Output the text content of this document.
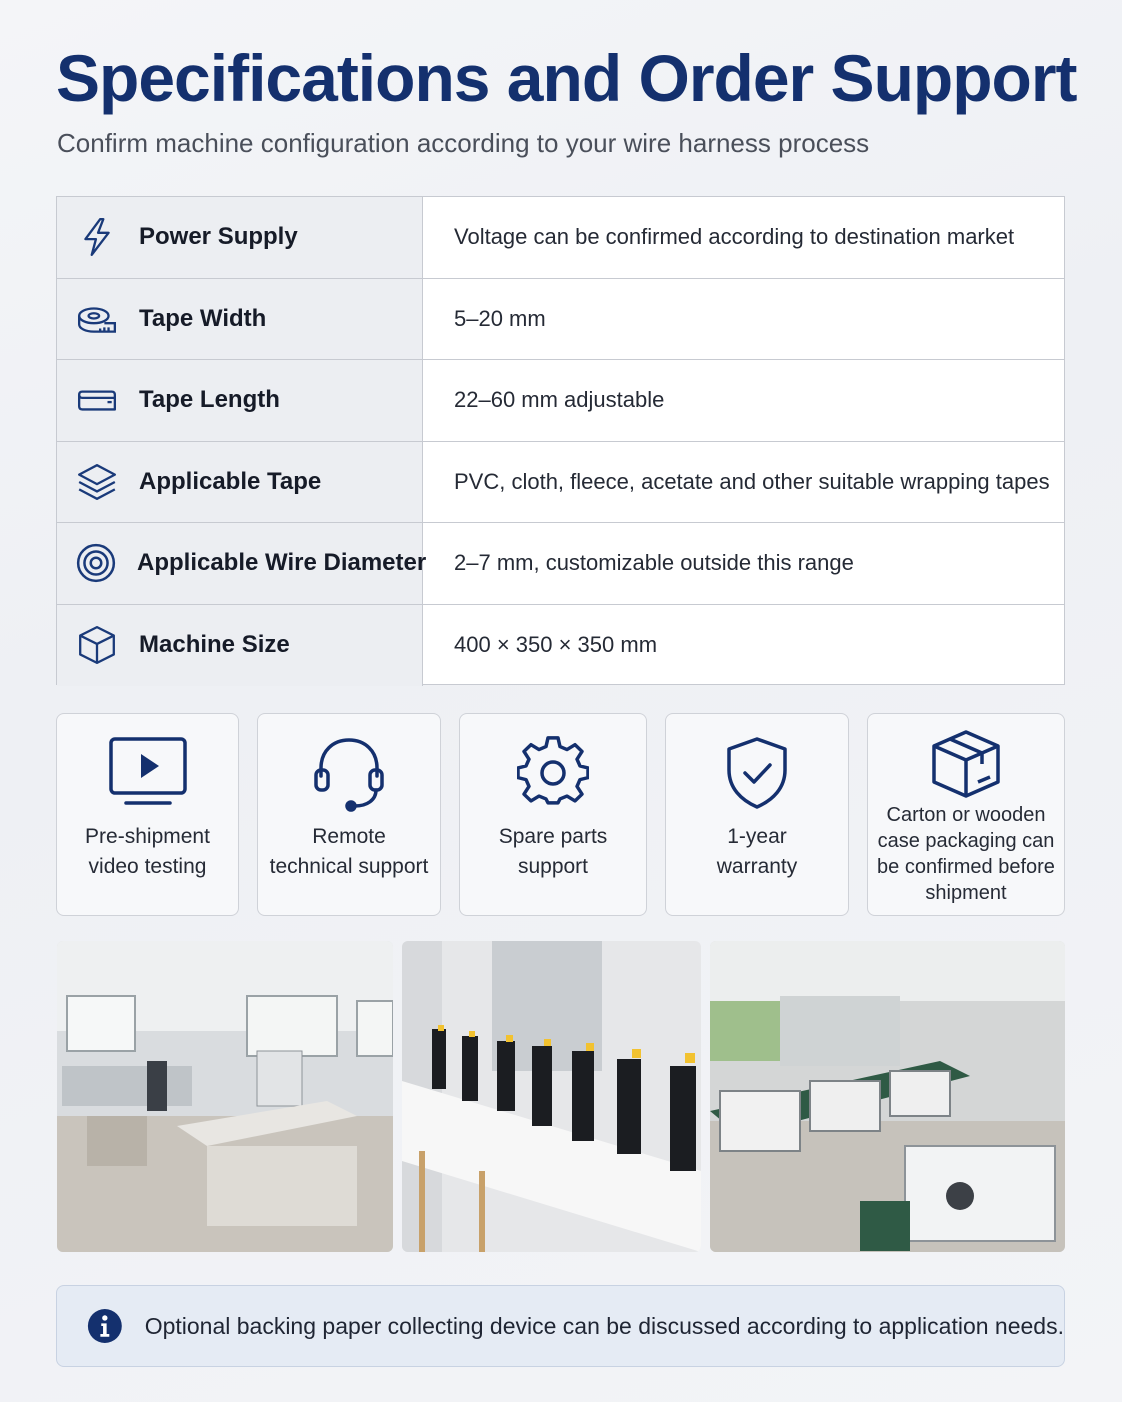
Specifications and Order Support
Confirm machine configuration according to your wire harness process
Power Supply	Voltage can be confirmed according to destination market
Tape Width	5–20 mm
Tape Length	22–60 mm adjustable
Applicable Tape	PVC, cloth, fleece, acetate and other suitable wrapping tapes
Applicable Wire Diameter	2–7 mm, customizable outside this range
Machine Size	400 × 350 × 350 mm
Pre-shipment
video testing
Remote
technical support
Spare parts
support
1-year
warranty
Carton or wooden
case packaging can
be confirmed before
shipment
Optional backing paper collecting device can be discussed according to application needs.
